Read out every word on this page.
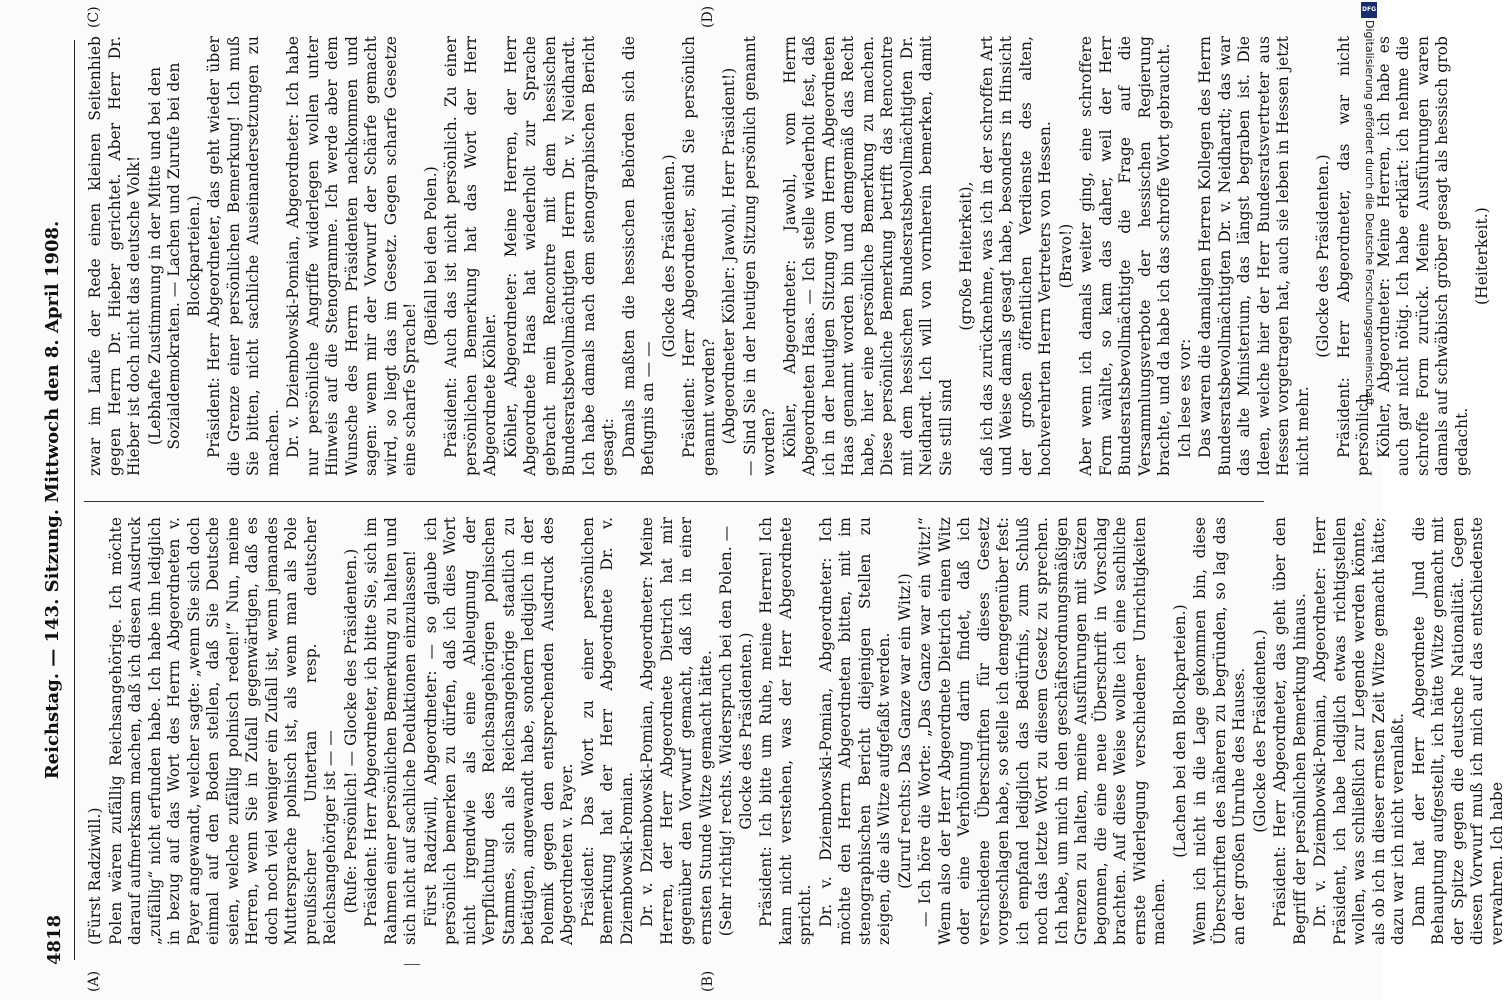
4818
Reichstag. — 143. Sitzung. Mittwoch den 8. April 1908.
(A)	(B)
(C)	(D)

(Fürst Radziwill.) Polen wären zufällig Reichsangehörige. Ich möchte darauf aufmerksam machen, daß ich diesen Ausdruck „zufällig“ nicht erfunden habe. Ich habe ihn lediglich in bezug auf das Wort des Herrn Abgeordneten v. Payer angewandt, welcher sagte: „wenn Sie sich doch einmal auf den Boden stellen, daß Sie Deutsche seien, welche zufällig polnisch reden!“ Nun, meine Herren, wenn Sie in Zufall gegenwärtigen, daß es doch noch viel weniger ein Zufall ist, wenn jemandes Muttersprache polnisch ist, als wenn man als Pole preußischer Untertan resp. deutscher Reichsangehöriger ist — — (Rufe: Persönlich! — Glocke des Präsidenten.) Präsident: Herr Abgeordneter, ich bitte Sie, sich im Rahmen einer persönlichen Bemerkung zu halten und sich nicht auf sachliche Deduktionen einzulassen! Fürst Radziwill, Abgeordneter: — so glaube ich persönlich bemerken zu dürfen, daß ich dies Wort nicht irgendwie als eine Ableugnung der Verpflichtung des Reichsangehörigen polnischen Stammes, sich als Reichsangehörige staatlich zu betätigen, angewandt habe, sondern lediglich in der Polemik gegen den entsprechenden Ausdruck des Abgeordneten v. Payer. Präsident: Das Wort zu einer persönlichen Bemerkung hat der Herr Abgeordnete Dr. v. Dziembowski-Pomian. Dr. v. Dziembowski-Pomian, Abgeordneter: Meine Herren, der Herr Abgeordnete Dietrich hat mir gegenüber den Vorwurf gemacht, daß ich in einer ernsten Stunde Witze gemacht hätte. (Sehr richtig! rechts. Widerspruch bei den Polen. — Glocke des Präsidenten.) Präsident: Ich bitte um Ruhe, meine Herren! Ich kann nicht verstehen, was der Herr Abgeordnete spricht. Dr. v. Dziembowski-Pomian, Abgeordneter: Ich möchte den Herrn Abgeordneten bitten, mit im stenographischen Bericht diejenigen Stellen zu zeigen, die als Witze aufgefaßt werden. (Zuruf rechts: Das Ganze war ein Witz!) — Ich höre die Worte: „Das Ganze war ein Witz!“ Wenn also der Herr Abgeordnete Dietrich einen Witz oder eine Verhöhnung darin findet, daß ich verschiedene Überschriften für dieses Gesetz vorgeschlagen habe, so stelle ich demgegenüber fest: ich empfand lediglich das Bedürfnis, zum Schluß noch das letzte Wort zu diesem Gesetz zu sprechen. Ich habe, um mich in den geschäftsordnungsmäßigen Grenzen zu halten, meine Ausführungen mit Sätzen begonnen, die eine neue Überschrift in Vorschlag brachten. Auf diese Weise wollte ich eine sachliche ernste Widerlegung verschiedener Unrichtigkeiten machen.

(Lachen bei den Blockparteien.) Wenn ich nicht in die Lage gekommen bin, diese Überschriften des näheren zu begründen, so lag das an der großen Unruhe des Hauses. (Glocke des Präsidenten.) Präsident: Herr Abgeordneter, das geht über den Begriff der persönlichen Bemerkung hinaus. Dr. v. Dziembowski-Pomian, Abgeordneter: Herr Präsident, ich habe lediglich etwas richtigstellen wollen, was schließlich zur Legende werden könnte, als ob ich in dieser ernsten Zeit Witze gemacht hätte; dazu war ich nicht veranlaßt. Dann hat der Herr Abgeordnete Jund die Behauptung aufgestellt, ich hätte Witze gemacht mit der Spitze gegen die deutsche Nationalität. Gegen diesen Vorwurf muß ich mich auf das entschiedenste verwahren. Ich habe

zwar im Laufe der Rede einen kleinen Seitenhieb gegen Herrn Dr. Hieber gerichtet. Aber Herr Dr. Hieber ist doch nicht das deutsche Volk! (Lebhafte Zustimmung in der Mitte und bei den Sozialdemokraten. — Lachen und Zurufe bei den Blockparteien.) Präsident: Herr Abgeordneter, das geht wieder über die Grenze einer persönlichen Bemerkung! Ich muß Sie bitten, nicht sachliche Auseinandersetzungen zu machen. Dr. v. Dziembowski-Pomian, Abgeordneter: Ich habe nur persönliche Angriffe widerlegen wollen unter Hinweis auf die Stenogramme. Ich werde aber dem Wunsche des Herrn Präsidenten nachkommen und sagen: wenn mir der Vorwurf der Schärfe gemacht wird, so liegt das im Gesetz. Gegen scharfe Gesetze eine scharfe Sprache!

(Beifall bei den Polen.) Präsident: Auch das ist nicht persönlich. Zu einer persönlichen Bemerkung hat das Wort der Herr Abgeordnete Köhler. Köhler, Abgeordneter: Meine Herren, der Herr Abgeordnete Haas hat wiederholt zur Sprache gebracht mein Rencontre mit dem hessischen Bundesratsbevollmächtigten Herrn Dr. v. Neidhardt. Ich habe damals nach dem stenographischen Bericht gesagt: Damals maßten die hessischen Behörden sich die Befugnis an — —

(Glocke des Präsidenten.) Präsident: Herr Abgeordneter, sind Sie persönlich genannt worden? (Abgeordneter Köhler: Jawohl, Herr Präsident!) — Sind Sie in der heutigen Sitzung persönlich genannt worden? Köhler, Abgeordneter: Jawohl, vom Herrn Abgeordneten Haas. — Ich stelle wiederholt fest, daß ich in der heutigen Sitzung vom Herrn Abgeordneten Haas genannt worden bin und demgemäß das Recht habe, hier eine persönliche Bemerkung zu machen. Diese persönliche Bemerkung betrifft das Rencontre mit dem hessischen Bundesratsbevollmächtigten Dr. Neidhardt. Ich will von vornherein bemerken, damit Sie still sind

(große Heiterkeit), daß ich das zurücknehme, was ich in der schroffen Art und Weise damals gesagt habe, besonders in Hinsicht der großen öffentlichen Verdienste des alten, hochverehrten Herrn Vertreters von Hessen. (Bravo!) Aber wenn ich damals weiter ging, eine schroffere Form wählte, so kam das daher, weil der Herr Bundesratsbevollmächtigte die Frage auf die Versammlungsverbote der hessischen Regierung brachte, und da habe ich das schroffe Wort gebraucht. Ich lese es vor: Das waren die damaligen Herren Kollegen des Herrn Bundesratsbevollmächtigten Dr. v. Neidhardt; das war das alte Ministerium, das längst begraben ist. Die Ideen, welche hier der Herr Bundesratsvertreter aus Hessen vorgetragen hat, auch sie leben in Hessen jetzt nicht mehr.

(Glocke des Präsidenten.) Präsident: Herr Abgeordneter, das war nicht persönlich. Köhler, Abgeordneter: Meine Herren, ich habe es auch gar nicht nötig. Ich habe erklärt: ich nehme die schroffe Form zurück. Meine Ausführungen waren damals auf schwäbisch gröber gesagt als hessisch grob gedacht.

(Heiterkeit.)

DFG
Digitalisierung gefördert durch die Deutsche Forschungsgemeinschaft
